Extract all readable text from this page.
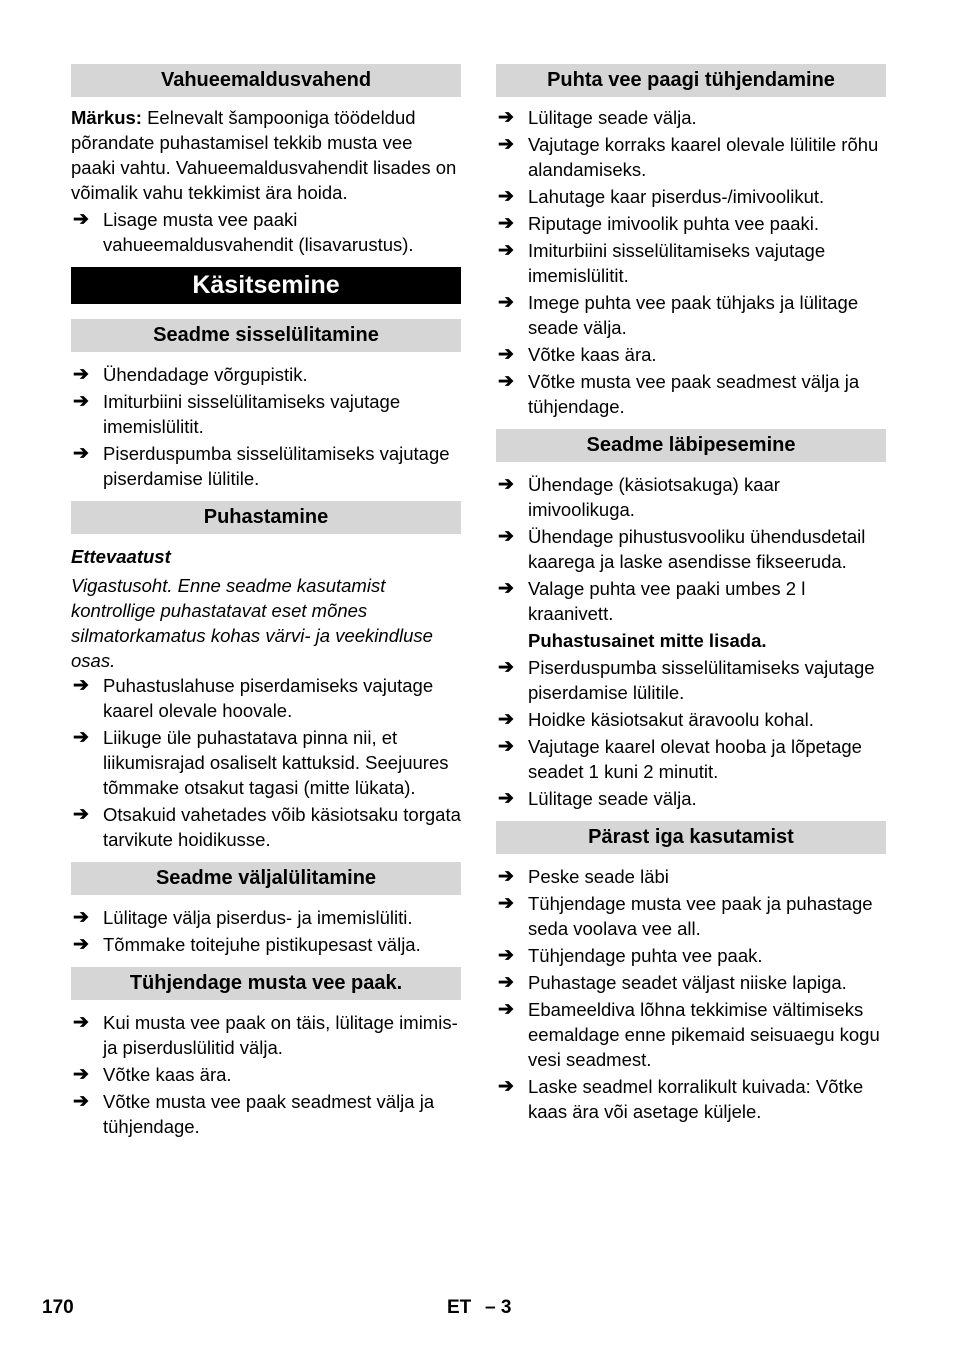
Vahueemaldusvahend
Märkus: Eelnevalt šampooniga töödeldud põrandate puhastamisel tekkib musta vee paaki vahtu. Vahueemaldusvahendit lisades on võimalik vahu tekkimist ära hoida.
➔ Lisage musta vee paaki vahueemaldusvahendit (lisavarustus).
Käsitsemine
Seadme sisselülitamine
➔ Ühendadage võrgupistik.
➔ Imiturbiini sisselülitamiseks vajutage imemislülitit.
➔ Piserduspumba sisselülitamiseks vajutage piserdamise lülitile.
Puhastamine
Ettevaatust
Vigastusoht. Enne seadme kasutamist kontrollige puhastatavat eset mõnes silmatorkamatus kohas värvi- ja veekindluse osas.
➔ Puhastuslahuse piserdamiseks vajutage kaarel olevale hoovale.
➔ Liikuge üle puhastatava pinna nii, et liikumisrajad osaliselt kattuksid. Seejuures tõmmake otsakut tagasi (mitte lükata).
➔ Otsakuid vahetades võib käsiotsaku torgata tarvikute hoidikusse.
Seadme väljalülitamine
➔ Lülitage välja piserdus- ja imemislüliti.
➔ Tõmmake toitejuhe pistikupesast välja.
Tühjendage musta vee paak.
➔ Kui musta vee paak on täis, lülitage imimis- ja piserduslülitid välja.
➔ Võtke kaas ära.
➔ Võtke musta vee paak seadmest välja ja tühjendage.
Puhta vee paagi tühjendamine
➔ Lülitage seade välja.
➔ Vajutage korraks kaarel olevale lülitile rõhu alandamiseks.
➔ Lahutage kaar piserdus-/imivoolikut.
➔ Riputage imivoolik puhta vee paaki.
➔ Imiturbiini sisselülitamiseks vajutage imemislülitit.
➔ Imege puhta vee paak tühjaks ja lülitage seade välja.
➔ Võtke kaas ära.
➔ Võtke musta vee paak seadmest välja ja tühjendage.
Seadme läbipesemine
➔ Ühendage (käsiotsakuga) kaar imivoolikuga.
➔ Ühendage pihustusvooliku ühendusdetail kaarega ja laske asendisse fikseeruda.
➔ Valage puhta vee paaki umbes 2 l kraanivett.
Puhastusainet mitte lisada.
➔ Piserduspumba sisselülitamiseks vajutage piserdamise lülitile.
➔ Hoidke käsiotsakut äravoolu kohal.
➔ Vajutage kaarel olevat hooba ja lõpetage seadet 1 kuni 2 minutit.
➔ Lülitage seade välja.
Pärast iga kasutamist
➔ Peske seade läbi
➔ Tühjendage musta vee paak ja puhastage seda voolava vee all.
➔ Tühjendage puhta vee paak.
➔ Puhastage seadet väljast niiske lapiga.
➔ Ebameeldiva lõhna tekkimise vältimiseks eemaldage enne pikemaid seisuaegu kogu vesi seadmest.
➔ Laske seadmel korralikult kuivada: Võtke kaas ära või asetage küljele.
170	ET – 3
